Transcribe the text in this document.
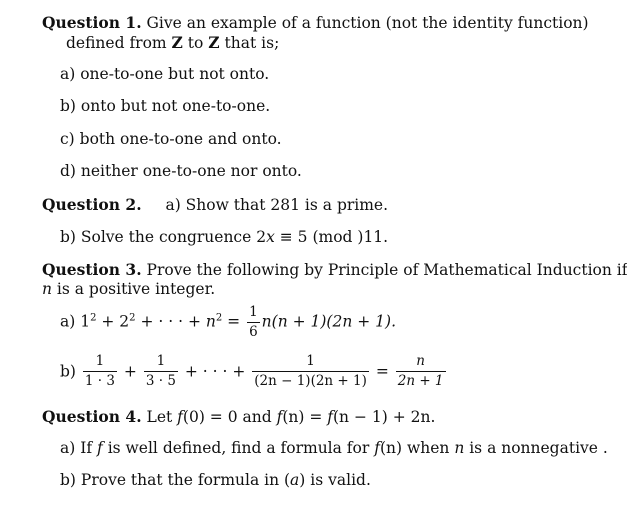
Question 1. Give an example of a function (not the identity function)
defined from Z to Z that is;
a) one-to-one but not onto.
b) onto but not one-to-one.
c) both one-to-one and onto.
d) neither one-to-one nor onto.
Question 2. a) Show that 281 is a prime.
b) Solve the congruence 2x ≡ 5 (mod )11.
Question 3. Prove the following by Principle of Mathematical Induction if
n is a positive integer.
a) $1^2 + 2^2$ + · · · + $n^2 = \frac{1}{6} n(n + 1)(2n + 1)$.
$b) \frac{1}{1 \cdot 3} + \frac{1}{3 \cdot 5}$ + · · · + $\frac{1}{(2n - 1)(2n + 1)} = \frac{n}{2n + 1}$
Question 4. Let f(0) = 0 and f(n) = f(n − 1) + 2n.
a) If f is well defined, find a formula for f(n) when n is a nonnegative .
b) Prove that the formula in (a) is valid.
